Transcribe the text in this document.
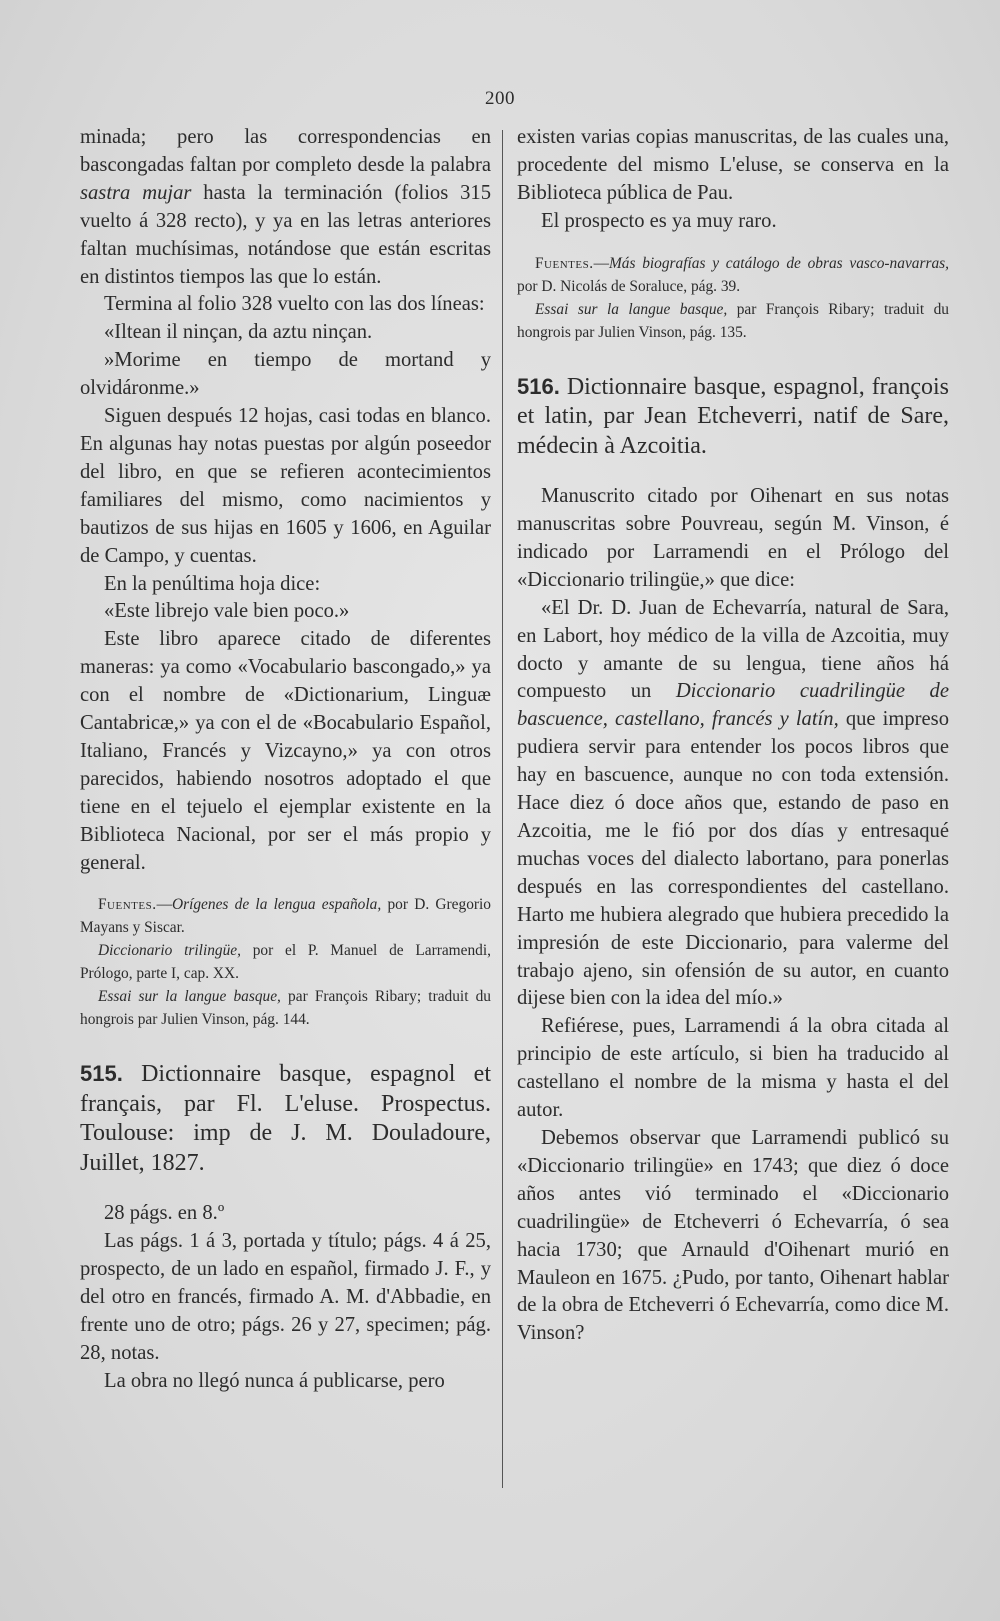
200

minada; pero las correspondencias en bascongadas faltan por completo desde la palabra sastra mujar hasta la terminación (folios 315 vuelto á 328 recto), y ya en las letras anteriores faltan muchísimas, notándose que están escritas en distintos tiempos las que lo están.

Termina al folio 328 vuelto con las dos líneas:

«Iltean il ninçan, da aztu ninçan.

»Morime en tiempo de mortand y olvidáronme.»

Siguen después 12 hojas, casi todas en blanco. En algunas hay notas puestas por algún poseedor del libro, en que se refieren acontecimientos familiares del mismo, como nacimientos y bautizos de sus hijas en 1605 y 1606, en Aguilar de Campo, y cuentas.

En la penúltima hoja dice:

«Este librejo vale bien poco.»

Este libro aparece citado de diferentes maneras: ya como «Vocabulario bascongado,» ya con el nombre de «Dictionarium, Linguæ Cantabricæ,» ya con el de «Bocabulario Español, Italiano, Francés y Vizcayno,» ya con otros parecidos, habiendo nosotros adoptado el que tiene en el tejuelo el ejemplar existente en la Biblioteca Nacional, por ser el más propio y general.

Fuentes.—Orígenes de la lengua española, por D. Gregorio Mayans y Siscar.

Diccionario trilingüe, por el P. Manuel de Larramendi, Prólogo, parte I, cap. XX.

Essai sur la langue basque, par François Ribary; traduit du hongrois par Julien Vinson, pág. 144.

515. Dictionnaire basque, espagnol et français, par Fl. L'eluse. Prospectus. Toulouse: imp de J. M. Douladoure, Juillet, 1827.

28 págs. en 8.º

Las págs. 1 á 3, portada y título; págs. 4 á 25, prospecto, de un lado en español, firmado J. F., y del otro en francés, firmado A. M. d'Abbadie, en frente uno de otro; págs. 26 y 27, specimen; pág. 28, notas.

La obra no llegó nunca á publicarse, pero

existen varias copias manuscritas, de las cuales una, procedente del mismo L'eluse, se conserva en la Biblioteca pública de Pau.

El prospecto es ya muy raro.

Fuentes.—Más biografías y catálogo de obras vasco-navarras, por D. Nicolás de Soraluce, pág. 39.

Essai sur la langue basque, par François Ribary; traduit du hongrois par Julien Vinson, pág. 135.

516. Dictionnaire basque, espagnol, françois et latin, par Jean Etcheverri, natif de Sare, médecin à Azcoitia.

Manuscrito citado por Oihenart en sus notas manuscritas sobre Pouvreau, según M. Vinson, é indicado por Larramendi en el Prólogo del «Diccionario trilingüe,» que dice:

«El Dr. D. Juan de Echevarría, natural de Sara, en Labort, hoy médico de la villa de Azcoitia, muy docto y amante de su lengua, tiene años há compuesto un Diccionario cuadrilingüe de bascuence, castellano, francés y latín, que impreso pudiera servir para entender los pocos libros que hay en bascuence, aunque no con toda extensión. Hace diez ó doce años que, estando de paso en Azcoitia, me le fió por dos días y entresaqué muchas voces del dialecto labortano, para ponerlas después en las correspondientes del castellano. Harto me hubiera alegrado que hubiera precedido la impresión de este Diccionario, para valerme del trabajo ajeno, sin ofensión de su autor, en cuanto dijese bien con la idea del mío.»

Refiérese, pues, Larramendi á la obra citada al principio de este artículo, si bien ha traducido al castellano el nombre de la misma y hasta el del autor.

Debemos observar que Larramendi publicó su «Diccionario trilingüe» en 1743; que diez ó doce años antes vió terminado el «Diccionario cuadrilingüe» de Etcheverri ó Echevarría, ó sea hacia 1730; que Arnauld d'Oihenart murió en Mauleon en 1675. ¿Pudo, por tanto, Oihenart hablar de la obra de Etcheverri ó Echevarría, como dice M. Vinson?
